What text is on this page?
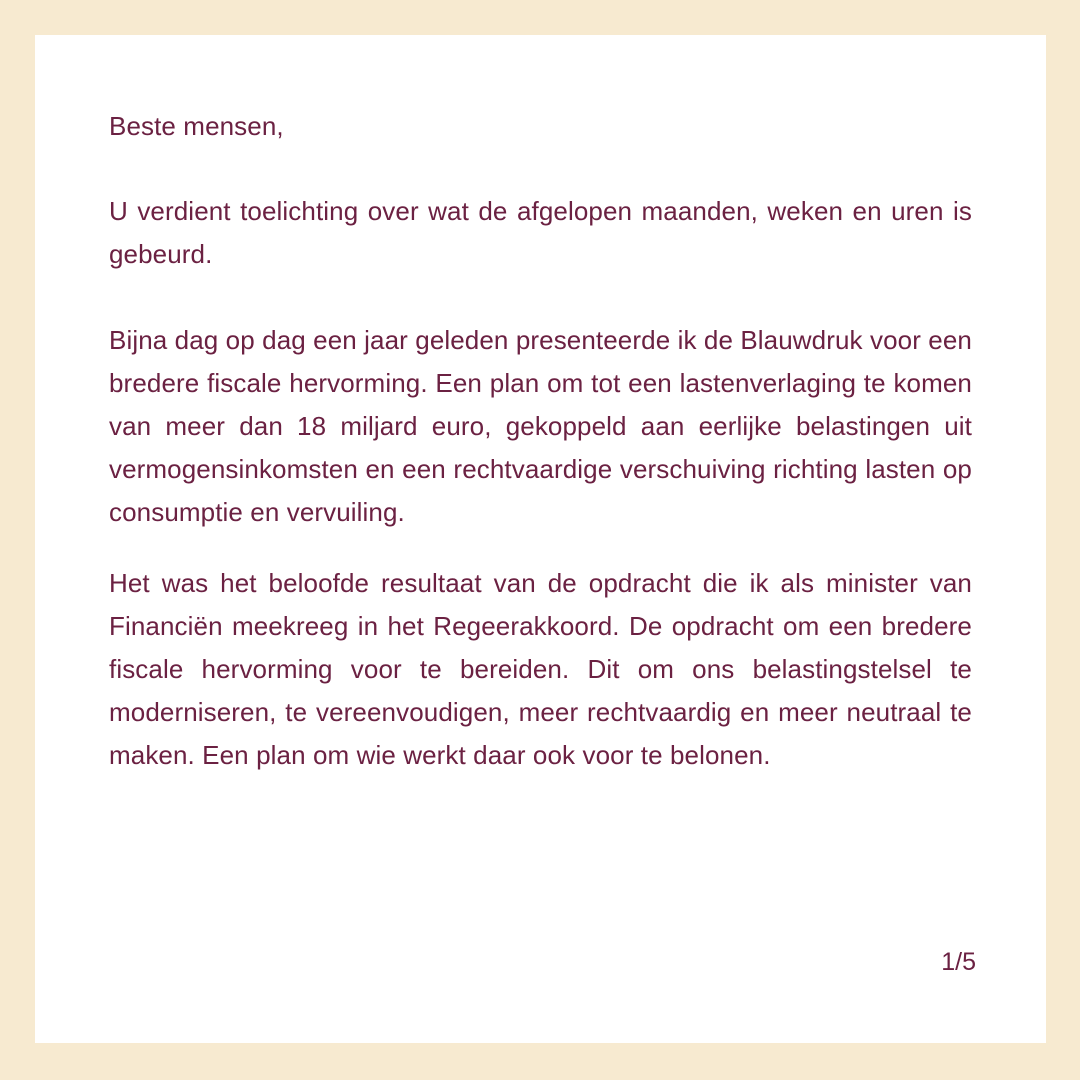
Beste mensen,

U verdient toelichting over wat de afgelopen maanden, weken en uren is gebeurd.

Bijna dag op dag een jaar geleden presenteerde ik de Blauwdruk voor een bredere fiscale hervorming. Een plan om tot een lastenverlaging te komen van meer dan 18 miljard euro, gekoppeld aan eerlijke belastingen uit vermogensinkomsten en een rechtvaardige verschuiving richting lasten op consumptie en vervuiling.

Het was het beloofde resultaat van de opdracht die ik als minister van Financiën meekreeg in het Regeerakkoord. De opdracht om een bredere fiscale hervorming voor te bereiden. Dit om ons belastingstelsel te moderniseren, te vereenvoudigen, meer rechtvaardig en meer neutraal te maken. Een plan om wie werkt daar ook voor te belonen.

1/5
